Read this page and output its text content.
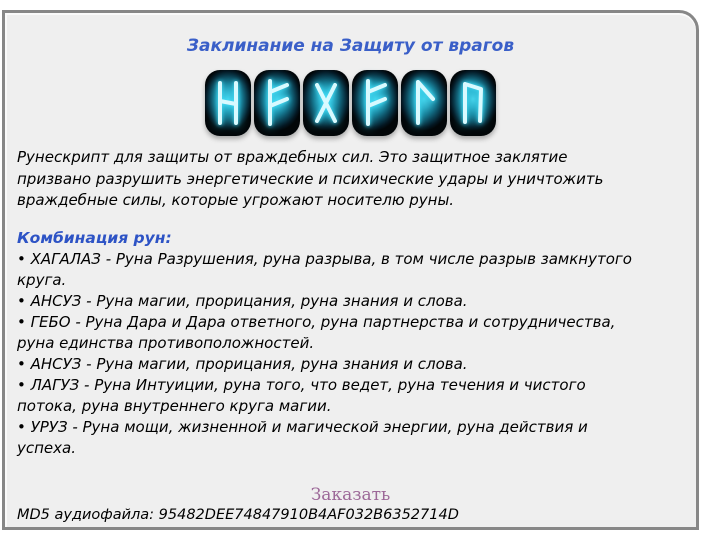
Заклинание на Защиту от врагов

Рунескрипт для защиты от враждебных сил. Это защитное заклятие призвано разрушить энергетические и психические удары и уничтожить враждебные силы, которые угрожают носителю руны.

Комбинация рун:
• ХАГАЛАЗ - Руна Разрушения, руна разрыва, в том числе разрыв замкнутого круга.
• АНСУЗ - Руна магии, прорицания, руна знания и слова.
• ГЕБО - Руна Дара и Дара ответного, руна партнерства и сотрудничества, руна единства противоположностей.
• АНСУЗ - Руна магии, прорицания, руна знания и слова.
• ЛАГУЗ - Руна Интуиции, руна того, что ведет, руна течения и чистого потока, руна внутреннего круга магии.
• УРУЗ - Руна мощи, жизненной и магической энергии, руна действия и успеха.
Заказать
MD5 аудиофайла: 95482DEE74847910B4AF032B6352714D
